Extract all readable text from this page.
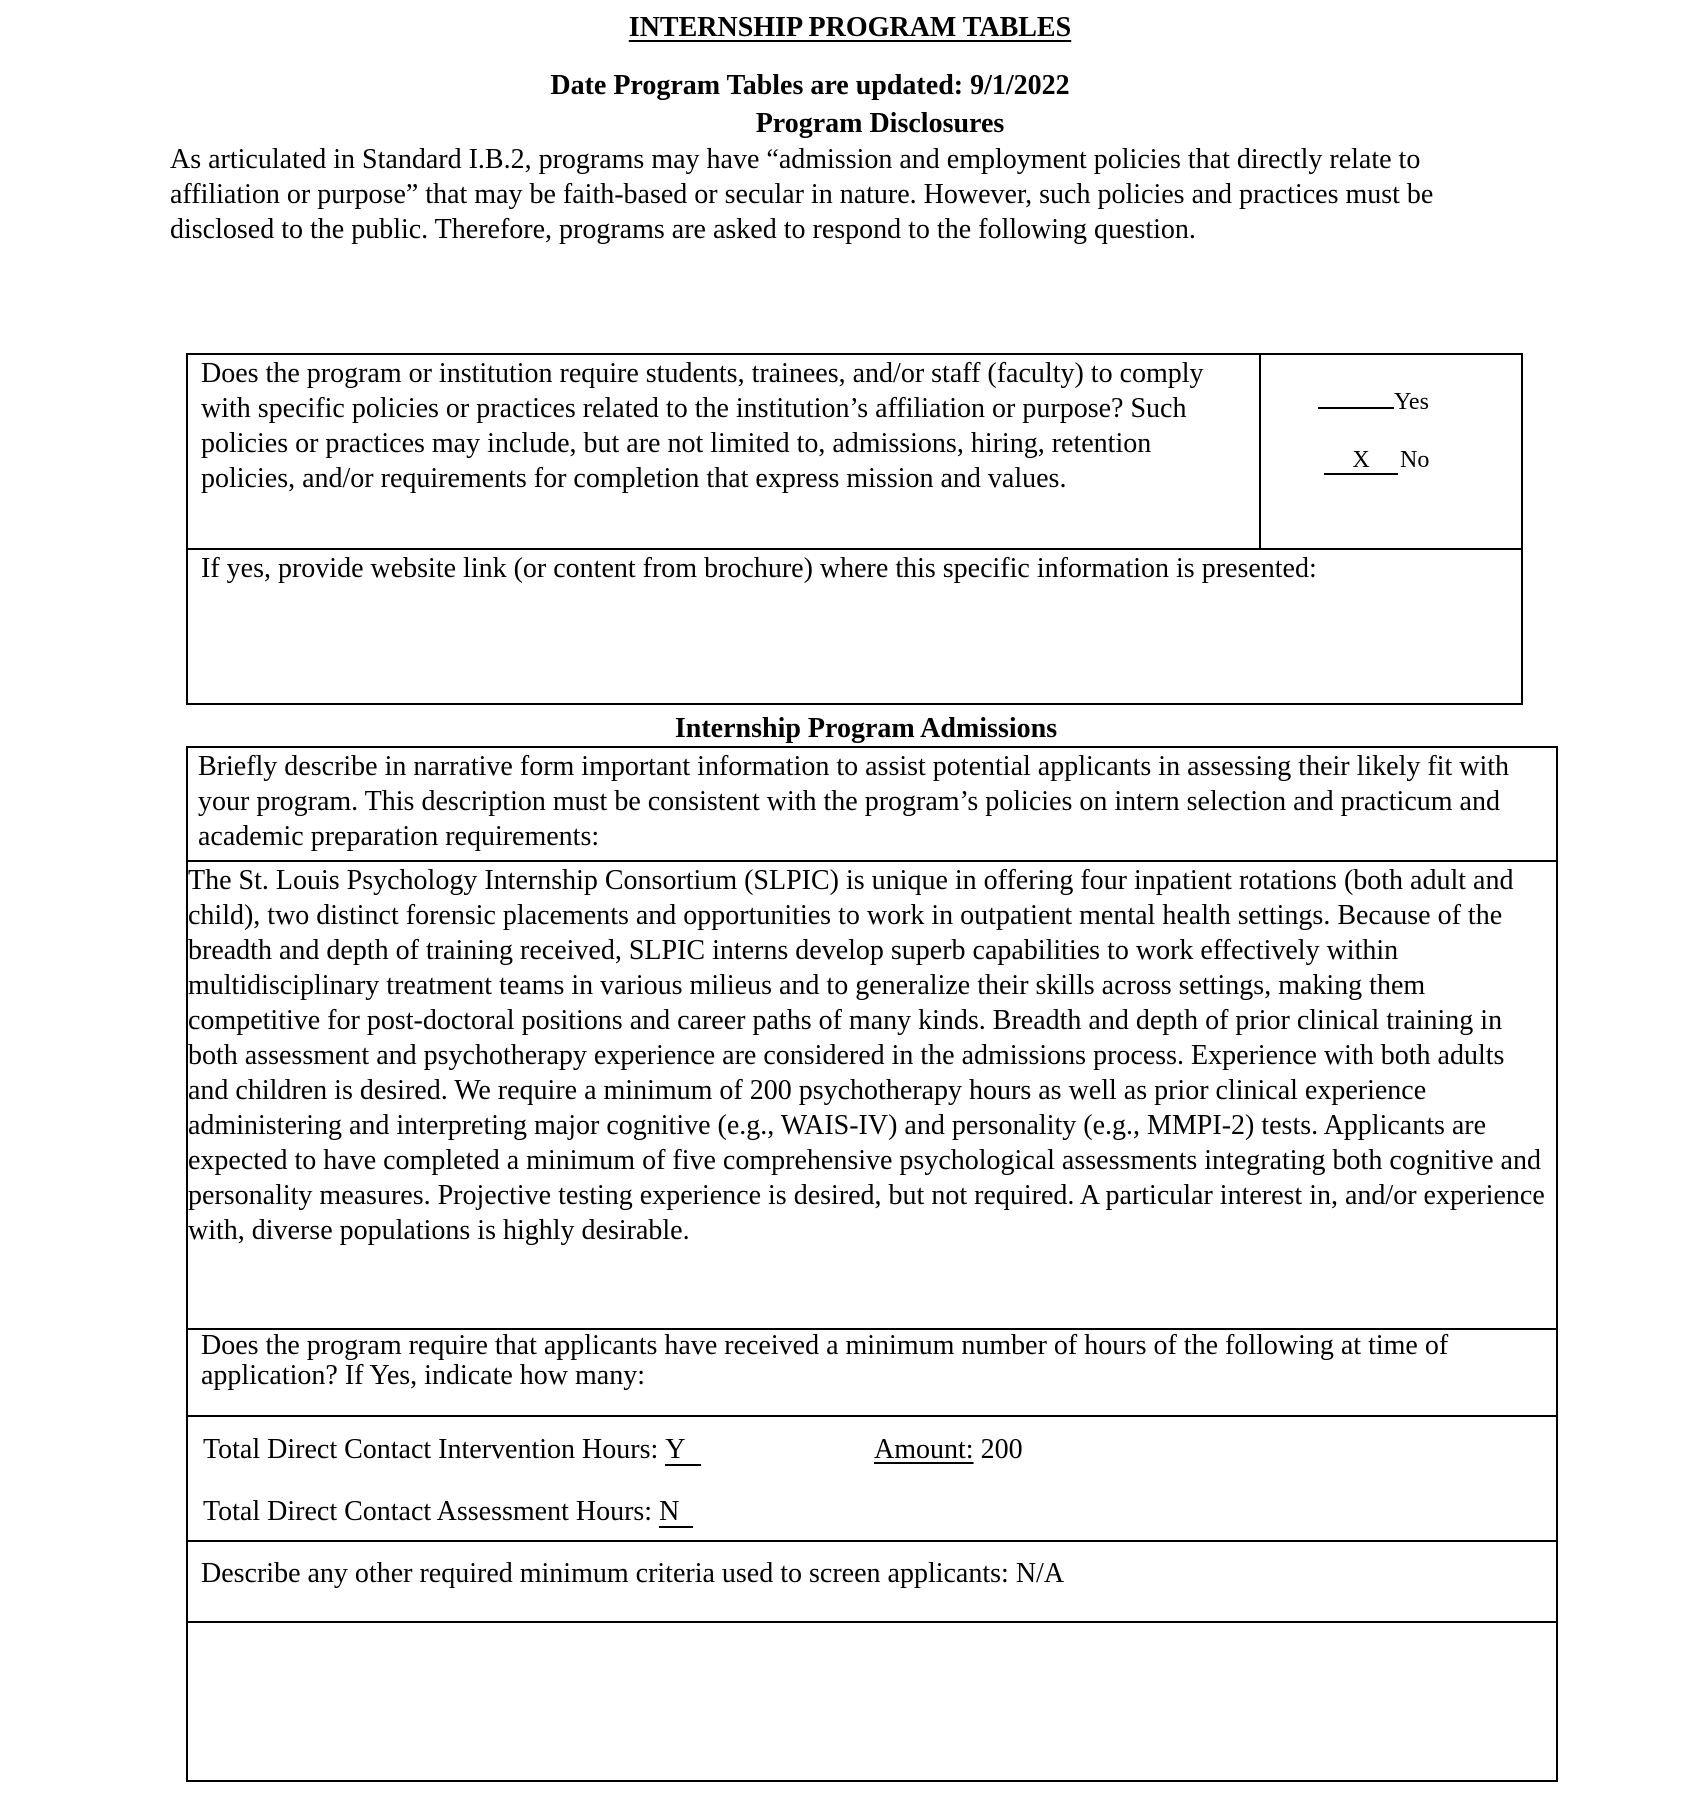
INTERNSHIP PROGRAM TABLES
Date Program Tables are updated: 9/1/2022
Program Disclosures

As articulated in Standard I.B.2, programs may have “admission and employment policies that directly relate to affiliation or purpose” that may be faith-based or secular in nature. However, such policies and practices must be disclosed to the public. Therefore, programs are asked to respond to the following question.

Does the program or institution require students, trainees, and/or staff (faculty) to comply with specific policies or practices related to the institution’s affiliation or purpose? Such policies or practices may include, but are not limited to, admissions, hiring, retention policies, and/or requirements for completion that express mission and values.
Yes
X No
If yes, provide website link (or content from brochure) where this specific information is presented:
Internship Program Admissions
Briefly describe in narrative form important information to assist potential applicants in assessing their likely fit with your program. This description must be consistent with the program’s policies on intern selection and practicum and academic preparation requirements:
The St. Louis Psychology Internship Consortium (SLPIC) is unique in offering four inpatient rotations (both adult and child), two distinct forensic placements and opportunities to work in outpatient mental health settings. Because of the breadth and depth of training received, SLPIC interns develop superb capabilities to work effectively within multidisciplinary treatment teams in various milieus and to generalize their skills across settings, making them competitive for post-doctoral positions and career paths of many kinds. Breadth and depth of prior clinical training in both assessment and psychotherapy experience are considered in the admissions process. Experience with both adults and children is desired. We require a minimum of 200 psychotherapy hours as well as prior clinical experience administering and interpreting major cognitive (e.g., WAIS-IV) and personality (e.g., MMPI-2) tests. Applicants are expected to have completed a minimum of five comprehensive psychological assessments integrating both cognitive and personality measures. Projective testing experience is desired, but not required. A particular interest in, and/or experience with, diverse populations is highly desirable.
Does the program require that applicants have received a minimum number of hours of the following at time of application? If Yes, indicate how many:
Total Direct Contact Intervention Hours: Y	Amount: 200
Total Direct Contact Assessment Hours: N
Describe any other required minimum criteria used to screen applicants: N/A
